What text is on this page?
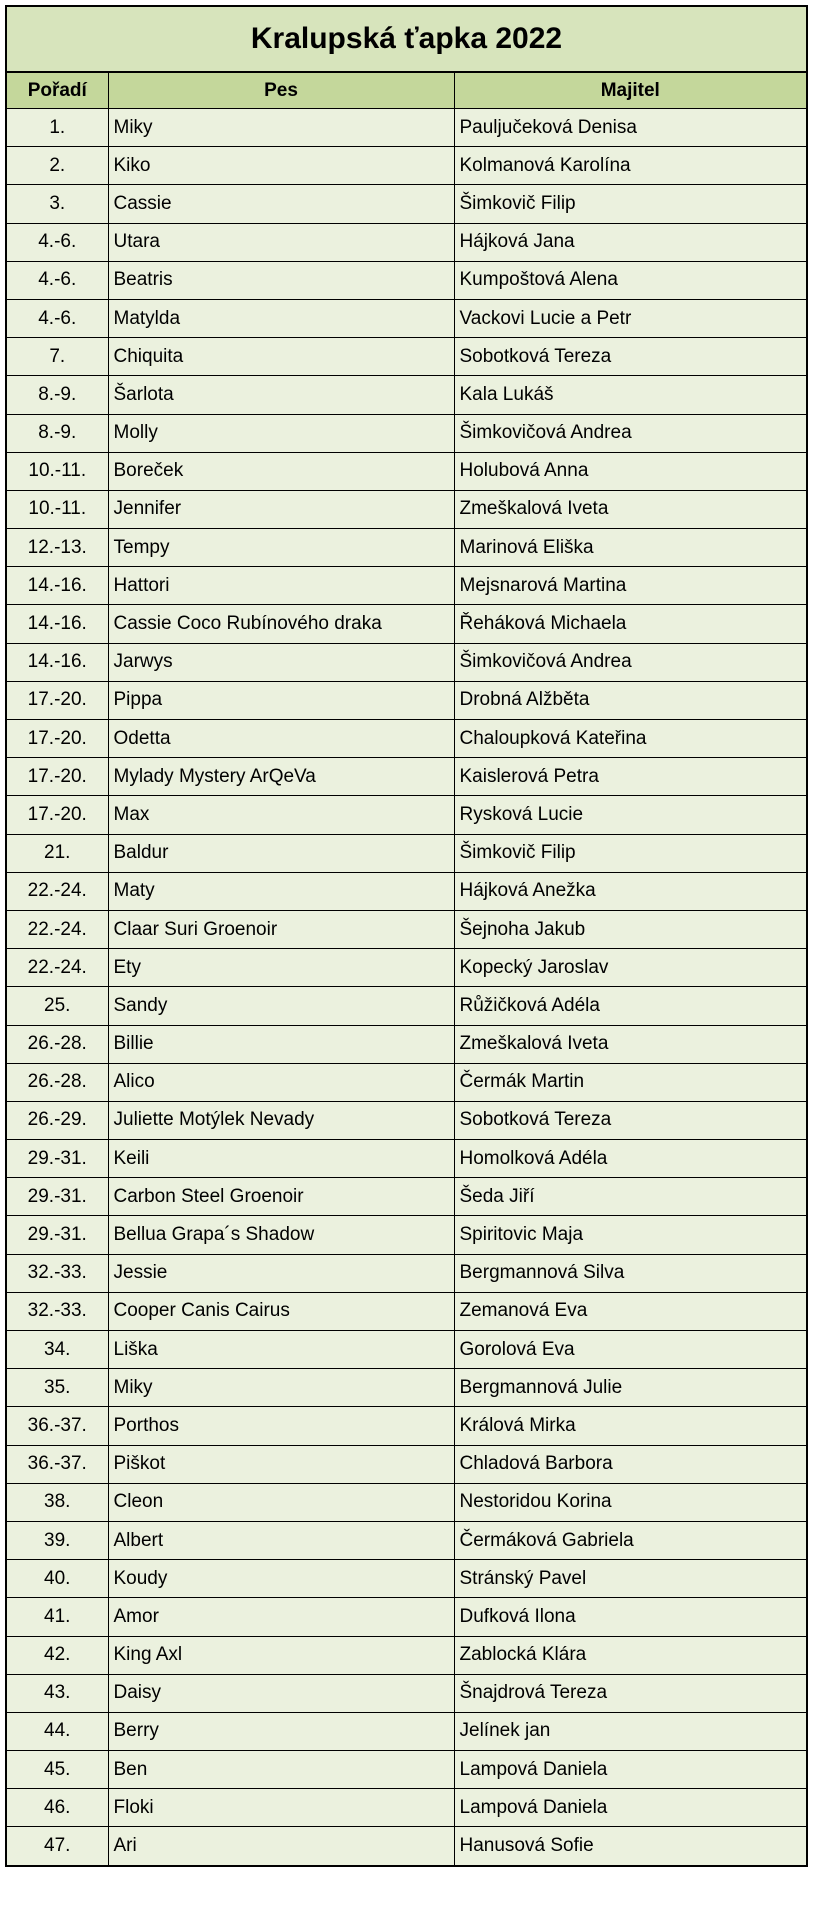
Kralupská ťapka 2022
Pořadí	Pes	Majitel
1.	Miky	Pauljučeková Denisa
2.	Kiko	Kolmanová Karolína
3.	Cassie	Šimkovič Filip
4.-6.	Utara	Hájková Jana
4.-6.	Beatris	Kumpoštová Alena
4.-6.	Matylda	Vackovi Lucie a Petr
7.	Chiquita	Sobotková Tereza
8.-9.	Šarlota	Kala Lukáš
8.-9.	Molly	Šimkovičová Andrea
10.-11.	Boreček	Holubová Anna
10.-11.	Jennifer	Zmeškalová Iveta
12.-13.	Tempy	Marinová Eliška
14.-16.	Hattori	Mejsnarová Martina
14.-16.	Cassie Coco Rubínového draka	Řeháková Michaela
14.-16.	Jarwys	Šimkovičová Andrea
17.-20.	Pippa	Drobná Alžběta
17.-20.	Odetta	Chaloupková Kateřina
17.-20.	Mylady Mystery ArQeVa	Kaislerová Petra
17.-20.	Max	Rysková Lucie
21.	Baldur	Šimkovič Filip
22.-24.	Maty	Hájková Anežka
22.-24.	Claar Suri Groenoir	Šejnoha Jakub
22.-24.	Ety	Kopecký Jaroslav
25.	Sandy	Růžičková Adéla
26.-28.	Billie	Zmeškalová Iveta
26.-28.	Alico	Čermák Martin
26.-29.	Juliette Motýlek Nevady	Sobotková Tereza
29.-31.	Keili	Homolková Adéla
29.-31.	Carbon Steel Groenoir	Šeda Jiří
29.-31.	Bellua Grapa´s Shadow	Spiritovic Maja
32.-33.	Jessie	Bergmannová Silva
32.-33.	Cooper Canis Cairus	Zemanová Eva
34.	Liška	Gorolová Eva
35.	Miky	Bergmannová Julie
36.-37.	Porthos	Králová Mirka
36.-37.	Piškot	Chladová Barbora
38.	Cleon	Nestoridou Korina
39.	Albert	Čermáková Gabriela
40.	Koudy	Stránský Pavel
41.	Amor	Dufková Ilona
42.	King Axl	Zablocká Klára
43.	Daisy	Šnajdrová Tereza
44.	Berry	Jelínek jan
45.	Ben	Lampová Daniela
46.	Floki	Lampová Daniela
47.	Ari	Hanusová Sofie
